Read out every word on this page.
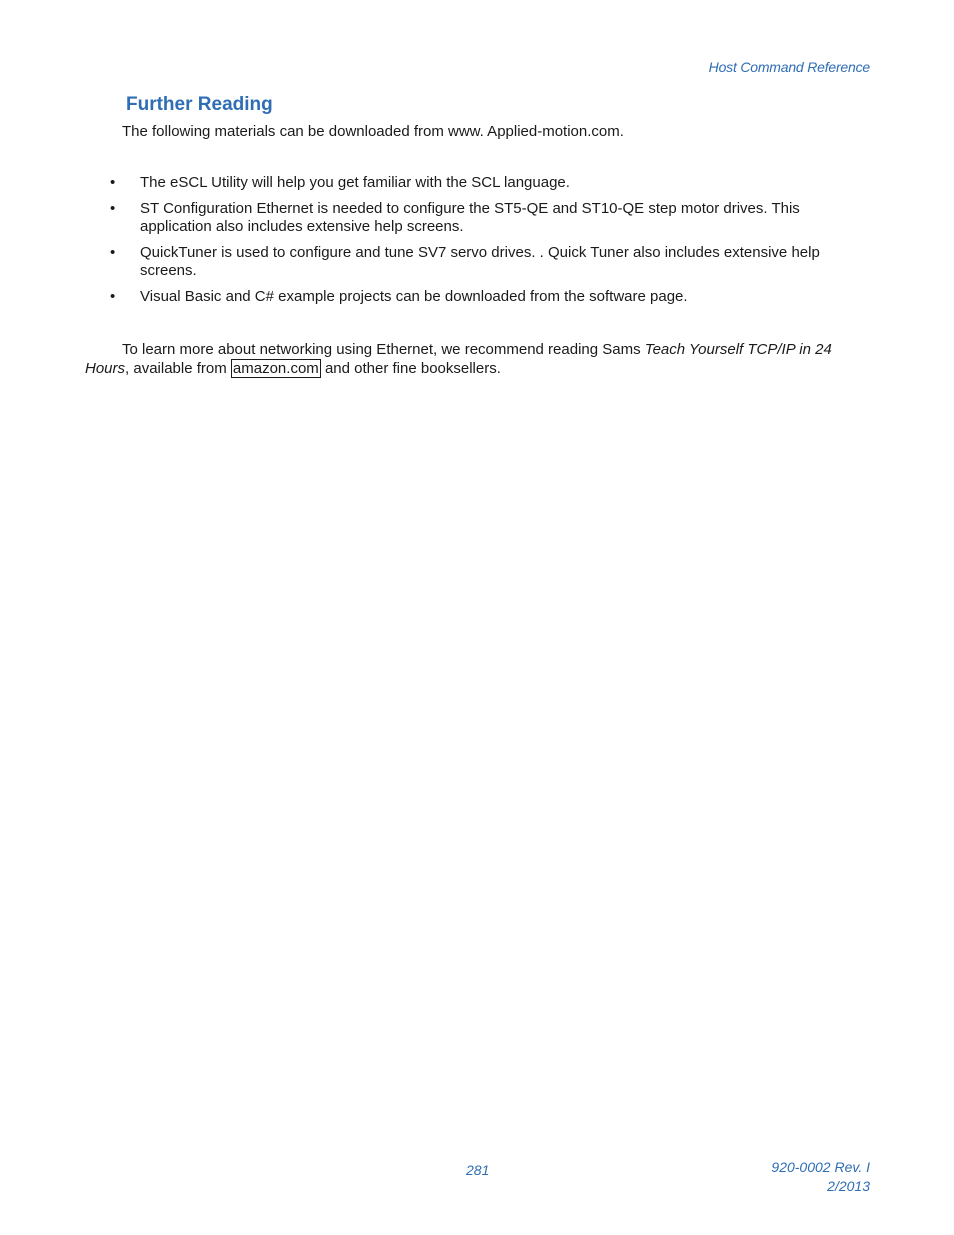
Host Command Reference
Further Reading

The following materials can be downloaded from www. Applied-motion.com.

•	The eSCL Utility will help you get familiar with the SCL language.
•	ST Configuration Ethernet is needed to configure the ST5-QE and ST10-QE step motor drives. This application also includes extensive help screens.
•	QuickTuner is used to configure and tune SV7 servo drives. . Quick Tuner also includes extensive help screens.
•	Visual Basic and C# example projects can be downloaded from the software page.

To learn more about networking using Ethernet, we recommend reading Sams Teach Yourself TCP/IP in 24 Hours, available from amazon.com and other fine booksellers.

281	920-0002 Rev. I
2/2013
